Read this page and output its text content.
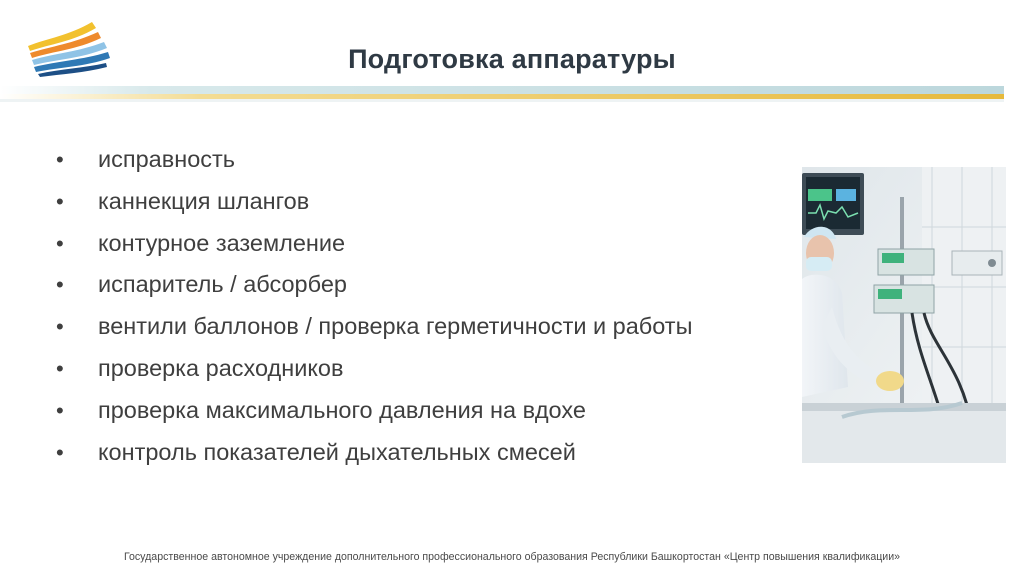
Подготовка аппаратуры
•	исправность
•	каннекция шлангов
•	контурное заземление
•	испаритель / абсорбер
•	вентили баллонов / проверка герметичности и работы
•	проверка расходников
•	проверка максимального давления на вдохе
•	контроль показателей дыхательных смесей
Государственное автономное учреждение дополнительного профессионального образования Республики Башкортостан «Центр повышения квалификации»
